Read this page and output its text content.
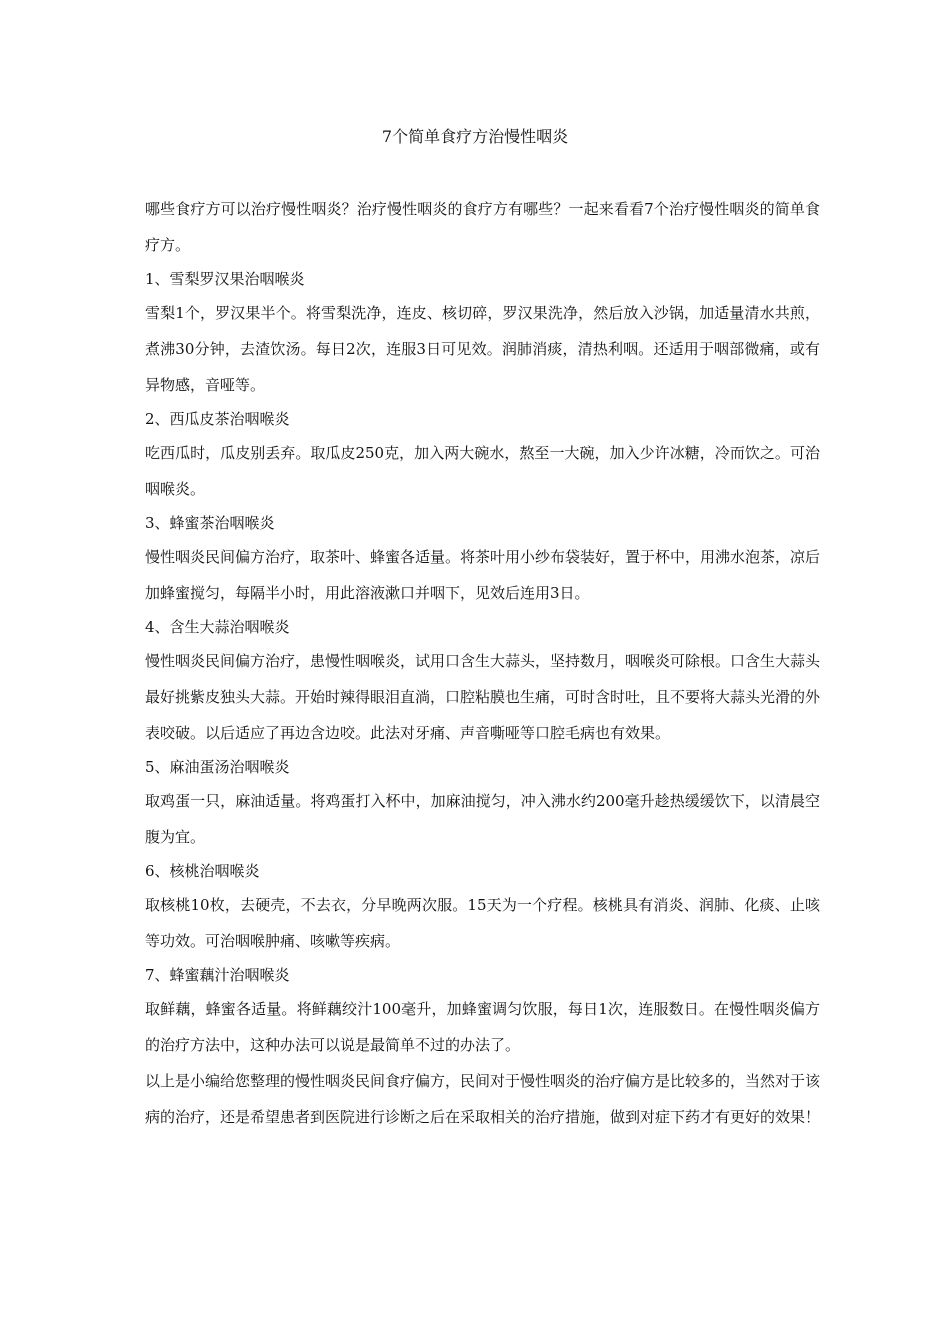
7个简单食疗方治慢性咽炎

哪些食疗方可以治疗慢性咽炎？治疗慢性咽炎的食疗方有哪些？一起来看看7个治疗慢性咽炎的简单食疗方。

1、雪梨罗汉果治咽喉炎

雪梨1个，罗汉果半个。将雪梨洗净，连皮、核切碎，罗汉果洗净，然后放入沙锅，加适量清水共煎，煮沸30分钟，去渣饮汤。每日2次，连服3日可见效。润肺消痰，清热利咽。还适用于咽部微痛，或有异物感，音哑等。

2、西瓜皮茶治咽喉炎

吃西瓜时，瓜皮别丢弃。取瓜皮250克，加入两大碗水，熬至一大碗，加入少许冰糖，冷而饮之。可治咽喉炎。

3、蜂蜜茶治咽喉炎

慢性咽炎民间偏方治疗，取茶叶、蜂蜜各适量。将茶叶用小纱布袋装好，置于杯中，用沸水泡茶，凉后加蜂蜜搅匀，每隔半小时，用此溶液漱口并咽下，见效后连用3日。

4、含生大蒜治咽喉炎

慢性咽炎民间偏方治疗，患慢性咽喉炎，试用口含生大蒜头，坚持数月，咽喉炎可除根。口含生大蒜头最好挑紫皮独头大蒜。开始时辣得眼泪直淌，口腔粘膜也生痛，可时含时吐，且不要将大蒜头光滑的外表咬破。以后适应了再边含边咬。此法对牙痛、声音嘶哑等口腔毛病也有效果。

5、麻油蛋汤治咽喉炎

取鸡蛋一只，麻油适量。将鸡蛋打入杯中，加麻油搅匀，冲入沸水约200毫升趁热缓缓饮下，以清晨空腹为宜。

6、核桃治咽喉炎

取核桃10枚，去硬壳，不去衣，分早晚两次服。15天为一个疗程。核桃具有消炎、润肺、化痰、止咳等功效。可治咽喉肿痛、咳嗽等疾病。

7、蜂蜜藕汁治咽喉炎

取鲜藕，蜂蜜各适量。将鲜藕绞汁100毫升，加蜂蜜调匀饮服，每日1次，连服数日。在慢性咽炎偏方的治疗方法中，这种办法可以说是最简单不过的办法了。

以上是小编给您整理的慢性咽炎民间食疗偏方，民间对于慢性咽炎的治疗偏方是比较多的，当然对于该病的治疗，还是希望患者到医院进行诊断之后在采取相关的治疗措施，做到对症下药才有更好的效果！
